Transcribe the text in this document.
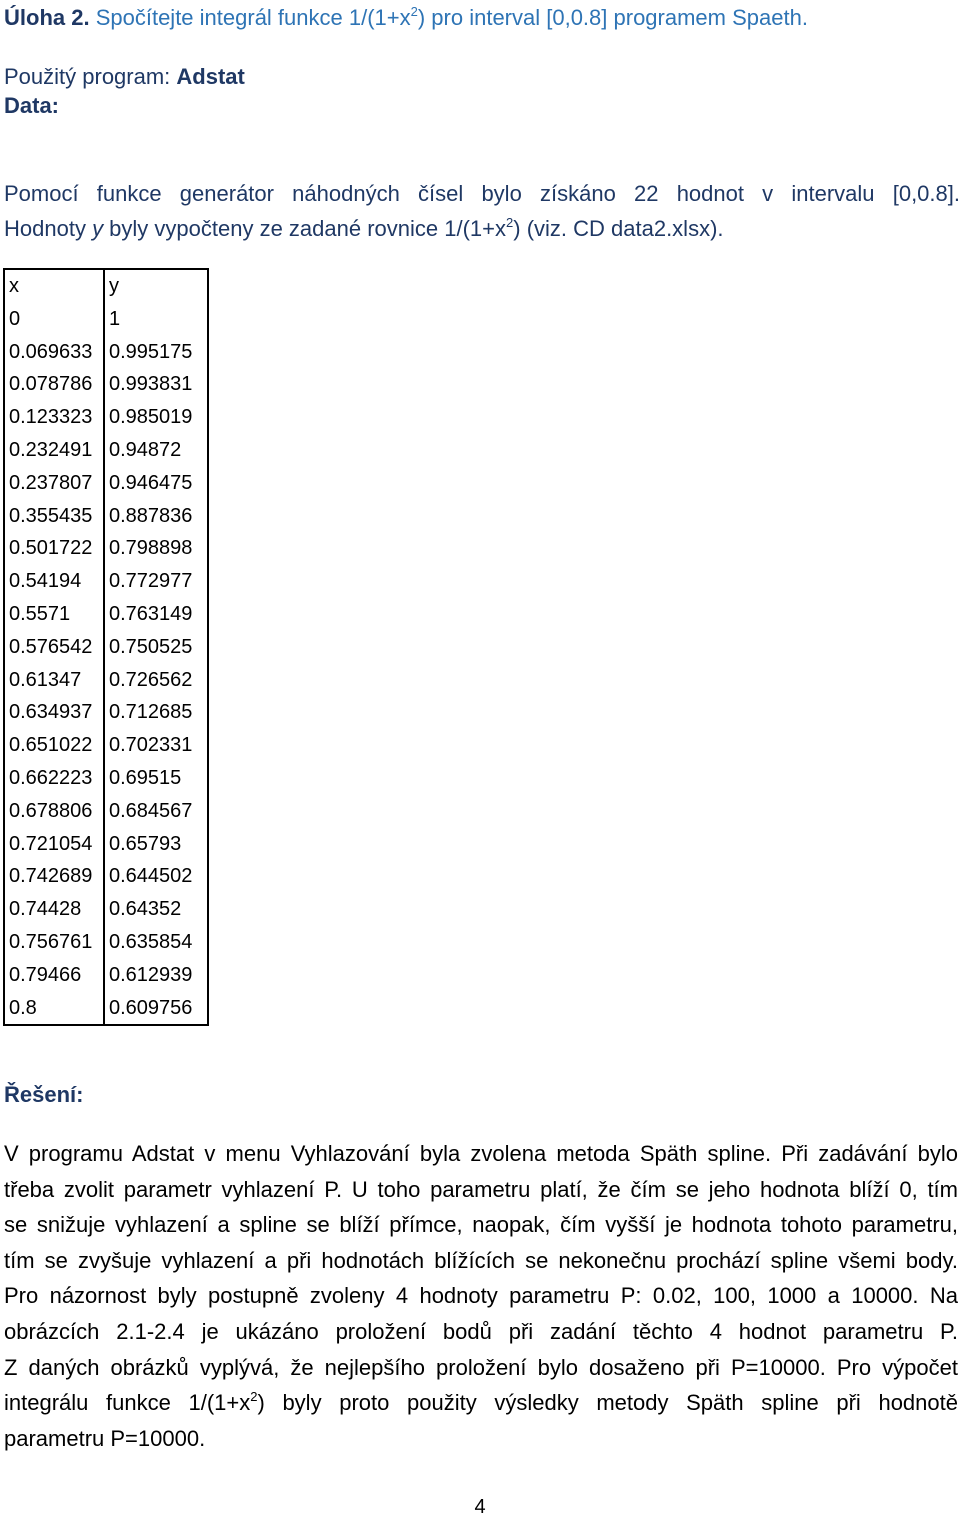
Úloha 2. Spočítejte integrál funkce $1/(1+x^2)$ pro interval [0,0.8] programem Spaeth.
Použitý program: Adstat
Data:
Pomocí funkce generátor náhodných čísel bylo získáno 22 hodnot v intervalu [0,0.8].
Hodnoty y byly vypočteny ze zadané rovnice $1/(1+x^2)$ (viz. CD data2.xlsx).
x	y
0	1
0.069633	0.995175
0.078786	0.993831
0.123323	0.985019
0.232491	0.94872
0.237807	0.946475
0.355435	0.887836
0.501722	0.798898
0.54194	0.772977
0.5571	0.763149
0.576542	0.750525
0.61347	0.726562
0.634937	0.712685
0.651022	0.702331
0.662223	0.69515
0.678806	0.684567
0.721054	0.65793
0.742689	0.644502
0.74428	0.64352
0.756761	0.635854
0.79466	0.612939
0.8	0.609756
Řešení:
V programu Adstat v menu Vyhlazování byla zvolena metoda Späth spline. Při zadávání bylo
třeba zvolit parametr vyhlazení P. U toho parametru platí, že čím se jeho hodnota blíží 0, tím
se snižuje vyhlazení a spline se blíží přímce, naopak, čím vyšší je hodnota tohoto parametru,
tím se zvyšuje vyhlazení a při hodnotách blížících se nekonečnu prochází spline všemi body.
Pro názornost byly postupně zvoleny 4 hodnoty parametru P: 0.02, 100, 1000 a 10000. Na
obrázcích 2.1-2.4 je ukázáno proložení bodů při zadání těchto 4 hodnot parametru P.
Z daných obrázků vyplývá, že nejlepšího proložení bylo dosaženo při P=10000. Pro výpočet
integrálu funkce $1/(1+x^2)$ byly proto použity výsledky metody Späth spline při hodnotě
parametru P=10000.
4
